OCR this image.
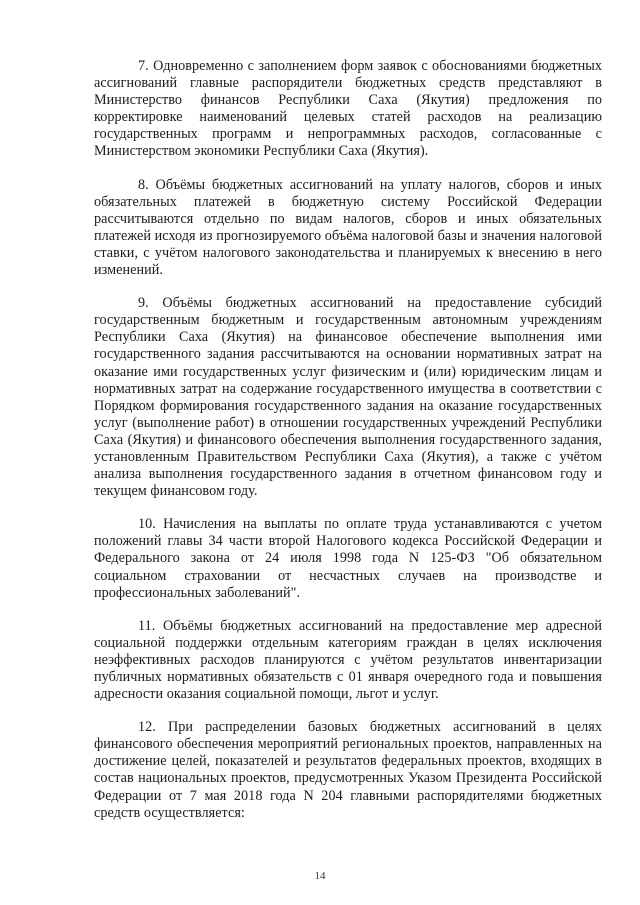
7. Одновременно с заполнением форм заявок с обоснованиями бюджетных ассигнований главные распорядители бюджетных средств представляют в Министерство финансов Республики Саха (Якутия) предложения по корректировке наименований целевых статей расходов на реализацию государственных программ и непрограммных расходов, согласованные с Министерством экономики Республики Саха (Якутия).

8. Объёмы бюджетных ассигнований на уплату налогов, сборов и иных обязательных платежей в бюджетную систему Российской Федерации рассчитываются отдельно по видам налогов, сборов и иных обязательных платежей исходя из прогнозируемого объёма налоговой базы и значения налоговой ставки, с учётом налогового законодательства и планируемых к внесению в него изменений.

9. Объёмы бюджетных ассигнований на предоставление субсидий государственным бюджетным и государственным автономным учреждениям Республики Саха (Якутия) на финансовое обеспечение выполнения ими государственного задания рассчитываются на основании нормативных затрат на оказание ими государственных услуг физическим и (или) юридическим лицам и нормативных затрат на содержание государственного имущества в соответствии с Порядком формирования государственного задания на оказание государственных услуг (выполнение работ) в отношении государственных учреждений Республики Саха (Якутия) и финансового обеспечения выполнения государственного задания, установленным Правительством Республики Саха (Якутия), а также с учётом анализа выполнения государственного задания в отчетном финансовом году и текущем финансовом году.

10. Начисления на выплаты по оплате труда устанавливаются с учетом положений главы 34 части второй Налогового кодекса Российской Федерации и Федерального закона от 24 июля 1998 года N 125-ФЗ "Об обязательном социальном страховании от несчастных случаев на производстве и профессиональных заболеваний".

11. Объёмы бюджетных ассигнований на предоставление мер адресной социальной поддержки отдельным категориям граждан в целях исключения неэффективных расходов планируются с учётом результатов инвентаризации публичных нормативных обязательств с 01 января очередного года и повышения адресности оказания социальной помощи, льгот и услуг.

12. При распределении базовых бюджетных ассигнований в целях финансового обеспечения мероприятий региональных проектов, направленных на достижение целей, показателей и результатов федеральных проектов, входящих в состав национальных проектов, предусмотренных Указом Президента Российской Федерации от 7 мая 2018 года N 204 главными распорядителями бюджетных средств осуществляется:

14
